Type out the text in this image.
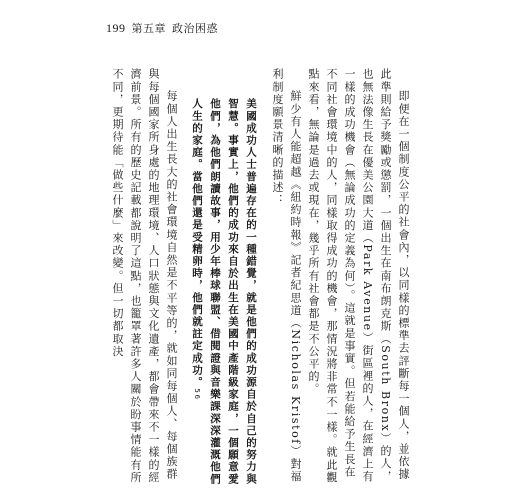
199 第五章 政治困惑

即便在一個制度公平的社會內，以同樣的標準去評斷每一個人，並依據此準則給予獎勵或懲罰，一個出生在南布朗克斯（South Bronx）的人，也無法像生長在優美公園大道（Park Avenue）街區裡的人，在經濟上有一樣的成功機會（無論成功的定義為何）。這就是事實。但若能給予生長在不同社會環境中的人，同樣取得成功的機會，那情況將非常不一樣。就此觀點來看，無論是過去或現在，幾乎所有社會都是不公平的。

鮮少有人能超越《紐約時報》記者紀思道（Nicholas Kristof）對福利制度願景清晰的描述：

美國成功人士普遍存在的一種錯覺，就是他們的成功源自於自己的努力與智慧。事實上，他們的成功來自於出生在美國中產階級家庭，一個願意愛他們，為他們朗讀故事，用少年棒球聯盟、借閱證與音樂課深深灌溉他們人生的家庭。當他們還是受精卵時，他們就註定成功。56

每個人出生長大的社會環境自然是不平等的，就如同每個人、每個族群與每個國家所身處的地理環境、人口狀態與文化遺產，都會帶來不一樣的經濟前景。所有的歷史記載都說明了這點，也籠罩著許多人關於盼事情能有所不同，更期待能「做些什麼」來改變。但一切都取決
